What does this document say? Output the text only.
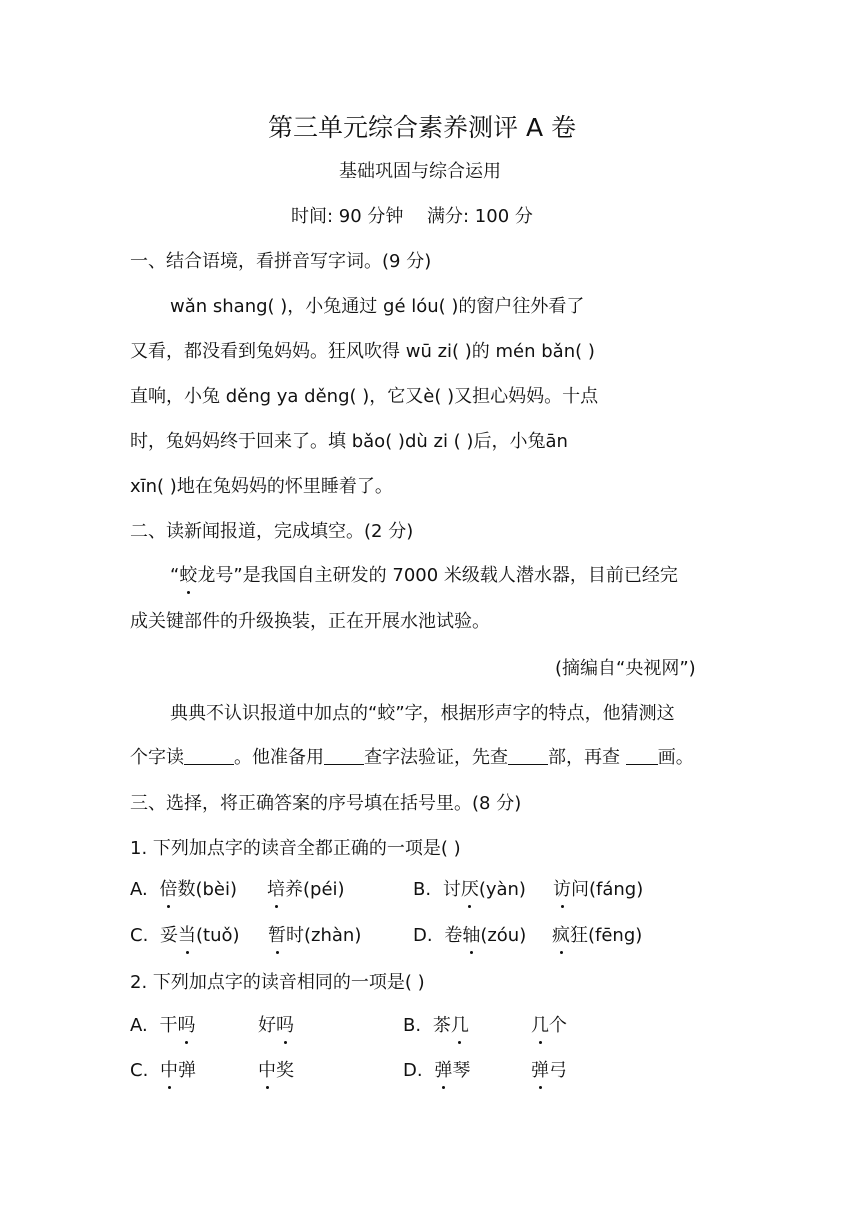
第三单元综合素养测评 A 卷
基础巩固与综合运用
时间: 90 分钟 满分: 100 分
一、结合语境，看拼音写字词。(9 分)
wǎn shang( )，小兔通过 gé lóu( )的窗户往外看了
又看，都没看到兔妈妈。狂风吹得 wū zi( )的 mén bǎn( )
直响，小兔 děng ya děng( )，它又è( )又担心妈妈。十点
时，兔妈妈终于回来了。填 bǎo( )dù zi ( )后，小兔ān
xīn( )地在兔妈妈的怀里睡着了。
二、读新闻报道，完成填空。(2 分)
“蛟龙号”是我国自主研发的 7000 米级载人潜水器，目前已经完
成关键部件的升级换装，正在开展水池试验。
(摘编自“央视网”)
典典不认识报道中加点的“蛟”字，根据形声字的特点，他猜测这
个字读	。他准备用 查字法验证，先查 部，再查 画。
三、选择，将正确答案的序号填在括号里。(8 分)
1. 下列加点字的读音全都正确的一项是( )
A. 倍数(bèi) 培养(péi)	B. 讨厌(yàn) 访问(fáng)
C. 妥当(tuǒ) 暂时(zhàn)	D. 卷轴(zóu) 疯狂(fēng)
2. 下列加点字的读音相同的一项是( )
A. 干吗	好吗	B. 茶几	几个
C. 中弹	中奖	D. 弹琴	弹弓
